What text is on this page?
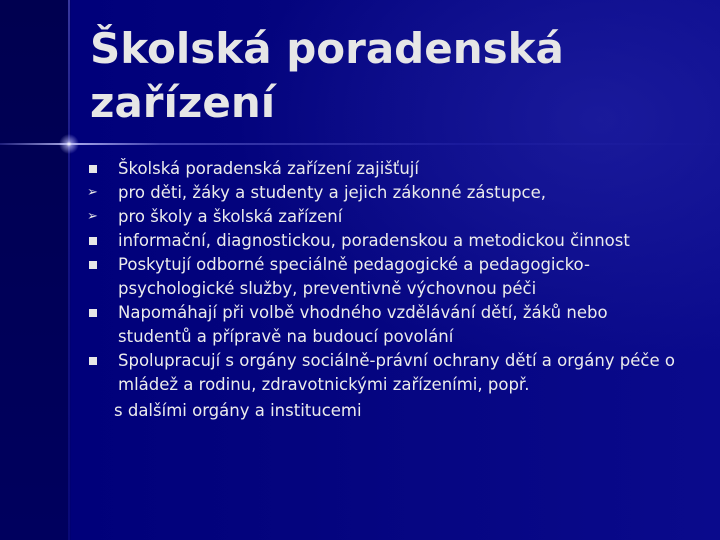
Školská poradenská
zařízení
Školská poradenská zařízení zajišťují
➢ pro děti, žáky a studenty a jejich zákonné zástupce,
➢ pro školy a školská zařízení
informační, diagnostickou, poradenskou a metodickou činnost
Poskytují odborné speciálně pedagogické a pedagogicko-psychologické služby, preventivně výchovnou péči
Napomáhají při volbě vhodného vzdělávání dětí, žáků nebo studentů a přípravě na budoucí povolání
Spolupracují s orgány sociálně-právní ochrany dětí a orgány péče o mládež a rodinu, zdravotnickými zařízeními, popř.
s dalšími orgány a institucemi
